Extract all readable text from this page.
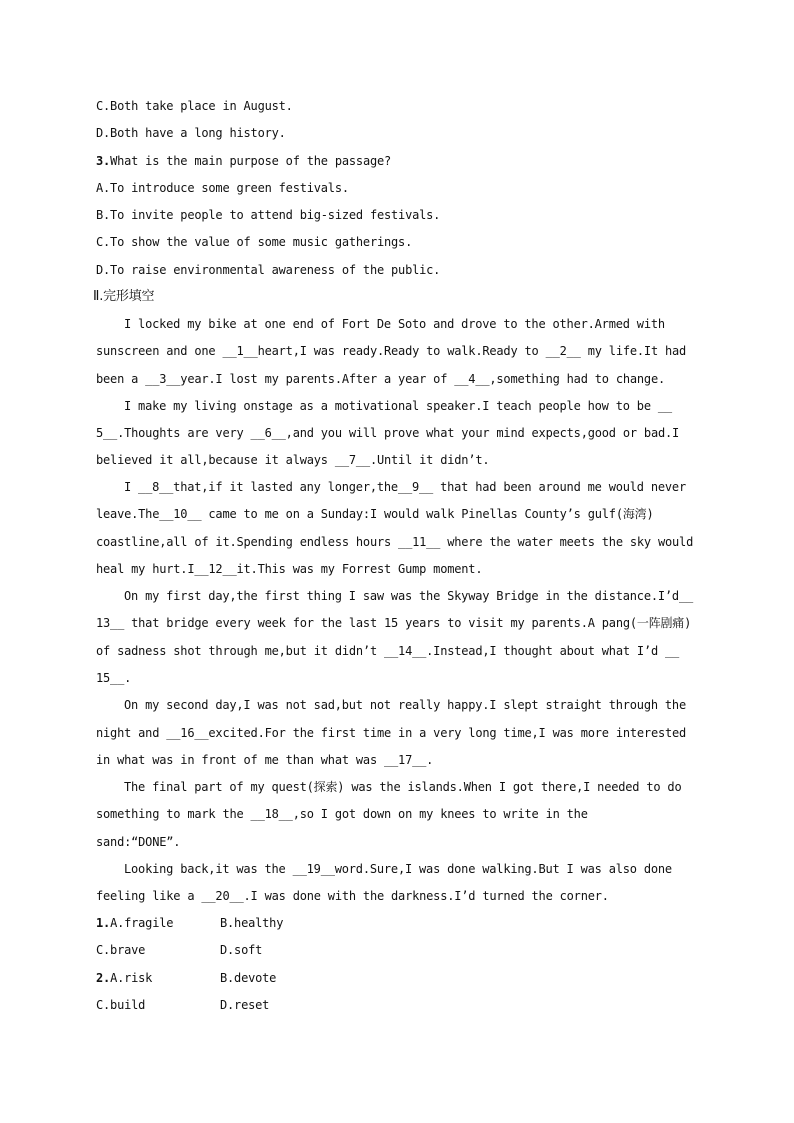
C.Both take place in August.
D.Both have a long history.
3.What is the main purpose of the passage?
A.To introduce some green festivals.
B.To invite people to attend big-sized festivals.
C.To show the value of some music gatherings.
D.To raise environmental awareness of the public.
Ⅱ.完形填空
I locked my bike at one end of Fort De Soto and drove to the other.Armed with
sunscreen and one __1__heart,I was ready.Ready to walk.Ready to __2__ my life.It had
been a __3__year.I lost my parents.After a year of __4__,something had to change.
I make my living onstage as a motivational speaker.I teach people how to be __
5__.Thoughts are very __6__,and you will prove what your mind expects,good or bad.I
believed it all,because it always __7__.Until it didn’t.
I __8__that,if it lasted any longer,the__9__ that had been around me would never
leave.The__10__ came to me on a Sunday:I would walk Pinellas County’s gulf(海湾)
coastline,all of it.Spending endless hours __11__ where the water meets the sky would
heal my hurt.I__12__it.This was my Forrest Gump moment.
On my first day,the first thing I saw was the Skyway Bridge in the distance.I’d__
13__ that bridge every week for the last 15 years to visit my parents.A pang(一阵剧痛)
of sadness shot through me,but it didn’t __14__.Instead,I thought about what I’d __
15__.
On my second day,I was not sad,but not really happy.I slept straight through the
night and __16__excited.For the first time in a very long time,I was more interested
in what was in front of me than what was __17__.
The final part of my quest(探索) was the islands.When I got there,I needed to do
something to mark the __18__,so I got down on my knees to write in the
sand:“DONE”.
Looking back,it was the __19__word.Sure,I was done walking.But I was also done
feeling like a __20__.I was done with the darkness.I’d turned the corner.
1.A.fragile	B.healthy
C.brave	D.soft
2.A.risk	B.devote
C.build	D.reset
